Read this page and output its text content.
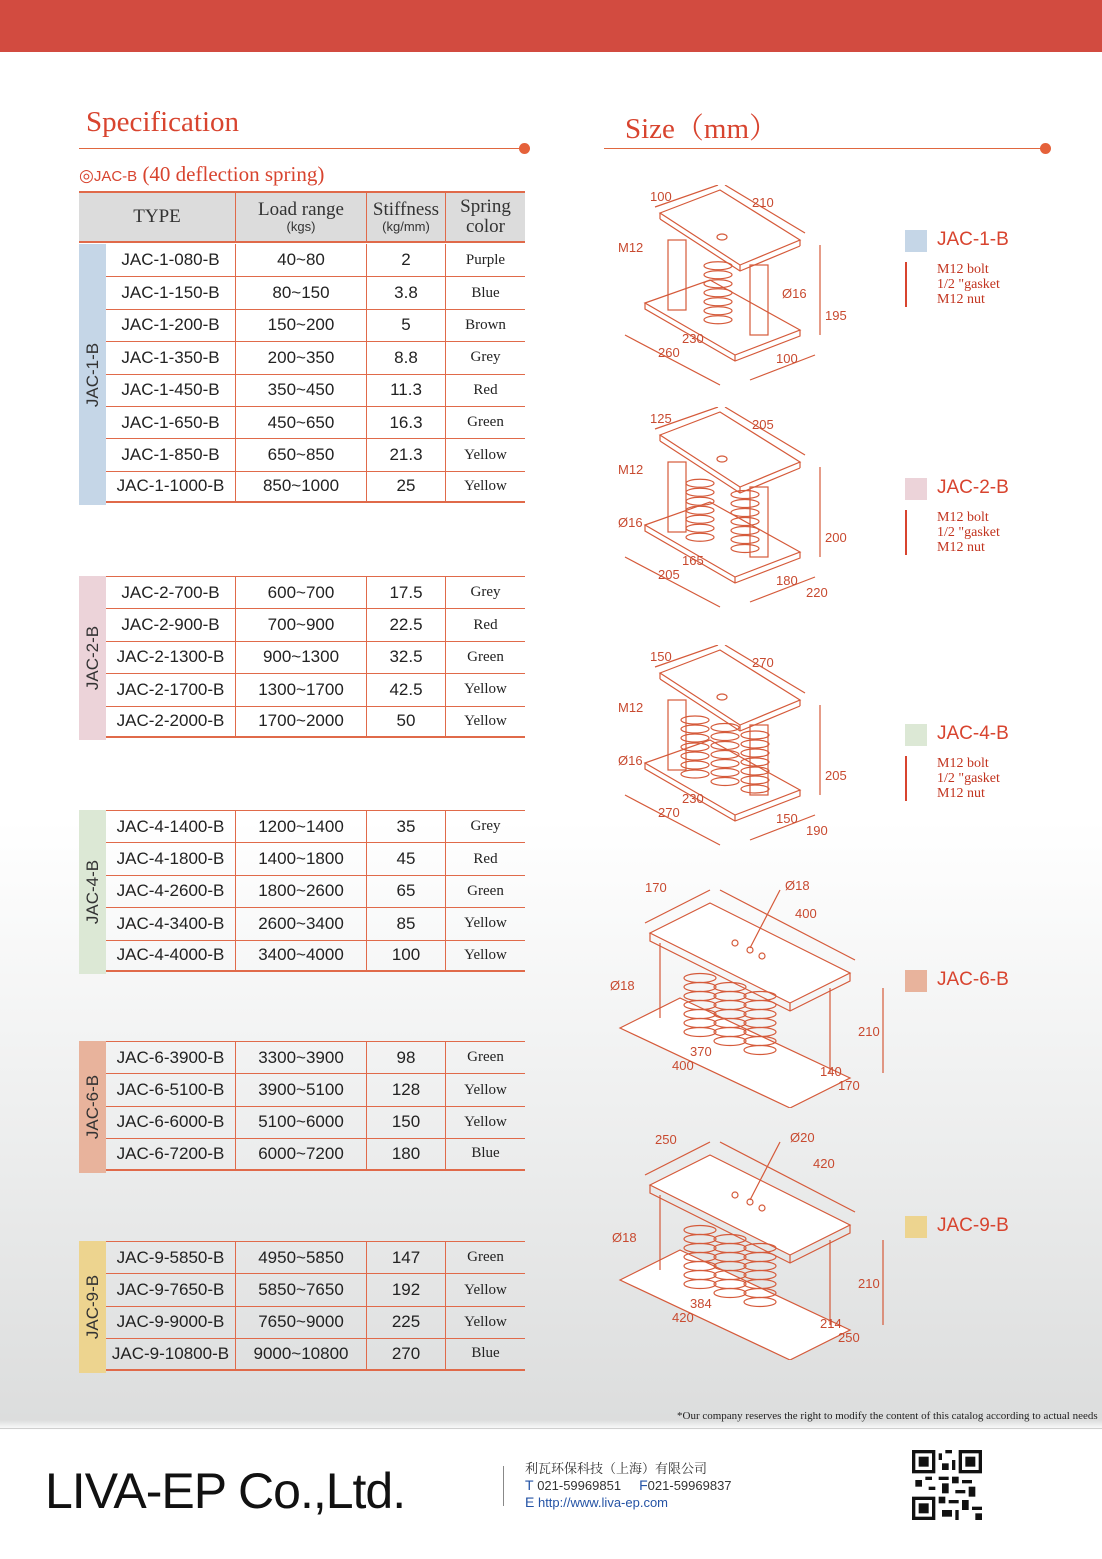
Specification	Size（mm）
◎JAC-B (40 deflection spring)
TYPE	Load range
(kgs)
Stiffness
(kg/mm)
Spring
color
JAC-1-B
JAC-1-080-B	40~80	2	Purple
JAC-1-150-B	80~150	3.8	Blue
JAC-1-200-B	150~200	5	Brown
JAC-1-350-B	200~350	8.8	Grey
JAC-1-450-B	350~450	11.3	Red
JAC-1-650-B	450~650	16.3	Green
JAC-1-850-B	650~850	21.3	Yellow
JAC-1-1000-B	850~1000	25	Yellow
JAC-2-B
JAC-2-700-B	600~700	17.5	Grey
JAC-2-900-B	700~900	22.5	Red
JAC-2-1300-B	900~1300	32.5	Green
JAC-2-1700-B	1300~1700	42.5	Yellow
JAC-2-2000-B	1700~2000	50	Yellow
JAC-4-B
JAC-4-1400-B	1200~1400	35	Grey
JAC-4-1800-B	1400~1800	45	Red
JAC-4-2600-B	1800~2600	65	Green
JAC-4-3400-B	2600~3400	85	Yellow
JAC-4-4000-B	3400~4000	100	Yellow
JAC-6-B
JAC-6-3900-B	3300~3900	98	Green
JAC-6-5100-B	3900~5100	128	Yellow
JAC-6-6000-B	5100~6000	150	Yellow
JAC-6-7200-B	6000~7200	180	Blue
JAC-9-B
JAC-9-5850-B	4950~5850	147	Green
JAC-9-7650-B	5850~7650	192	Yellow
JAC-9-9000-B	7650~9000	225	Yellow
JAC-9-10800-B	9000~10800	270	Blue
100	210
M12
Ø16
195
230
260	100
JAC-1-B
M12 bolt
1/2 "gasket
M12 nut
125	205
M12
Ø16
200
165
205	180
220
JAC-2-B
M12 bolt
1/2 "gasket
M12 nut
150	270
M12
Ø16
205
230
270	150
190
JAC-4-B
M12 bolt
1/2 "gasket
M12 nut
170
400
Ø18
Ø18
210
370
400	140
170
JAC-6-B
250
420
Ø20
Ø18
210
384
420	214
250
JAC-9-B
*Our company reserves the right to modify the content of this catalog according to actual needs
LIVA-EP Co.,Ltd.	利瓦环保科技（上海）有限公司
T 021-59969851 F021-59969837
E http://www.liva-ep.com
